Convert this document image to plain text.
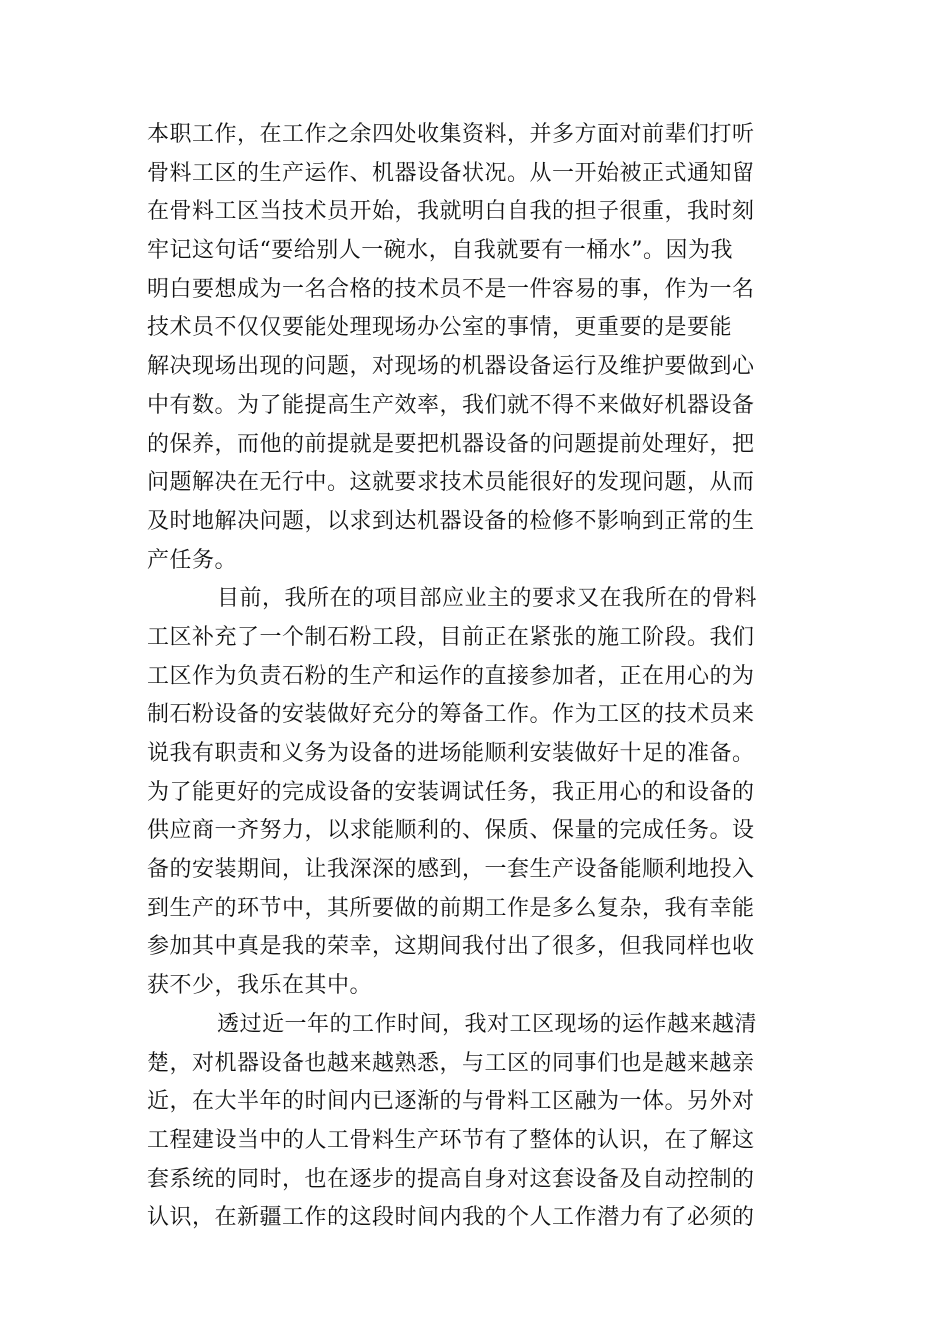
本职工作，在工作之余四处收集资料，并多方面对前辈们打听
骨料工区的生产运作、机器设备状况。从一开始被正式通知留
在骨料工区当技术员开始，我就明白自我的担子很重，我时刻
牢记这句话“要给别人一碗水，自我就要有一桶水”。因为我
明白要想成为一名合格的技术员不是一件容易的事，作为一名
技术员不仅仅要能处理现场办公室的事情，更重要的是要能
解决现场出现的问题，对现场的机器设备运行及维护要做到心
中有数。为了能提高生产效率，我们就不得不来做好机器设备
的保养，而他的前提就是要把机器设备的问题提前处理好，把
问题解决在无行中。这就要求技术员能很好的发现问题，从而
及时地解决问题，以求到达机器设备的检修不影响到正常的生
产任务。
目前，我所在的项目部应业主的要求又在我所在的骨料
工区补充了一个制石粉工段，目前正在紧张的施工阶段。我们
工区作为负责石粉的生产和运作的直接参加者，正在用心的为
制石粉设备的安装做好充分的筹备工作。作为工区的技术员来
说我有职责和义务为设备的进场能顺利安装做好十足的准备。
为了能更好的完成设备的安装调试任务，我正用心的和设备的
供应商一齐努力，以求能顺利的、保质、保量的完成任务。设
备的安装期间，让我深深的感到，一套生产设备能顺利地投入
到生产的环节中，其所要做的前期工作是多么复杂，我有幸能
参加其中真是我的荣幸，这期间我付出了很多，但我同样也收
获不少，我乐在其中。
透过近一年的工作时间，我对工区现场的运作越来越清
楚，对机器设备也越来越熟悉，与工区的同事们也是越来越亲
近，在大半年的时间内已逐渐的与骨料工区融为一体。另外对
工程建设当中的人工骨料生产环节有了整体的认识，在了解这
套系统的同时，也在逐步的提高自身对这套设备及自动控制的
认识，在新疆工作的这段时间内我的个人工作潜力有了必须的
